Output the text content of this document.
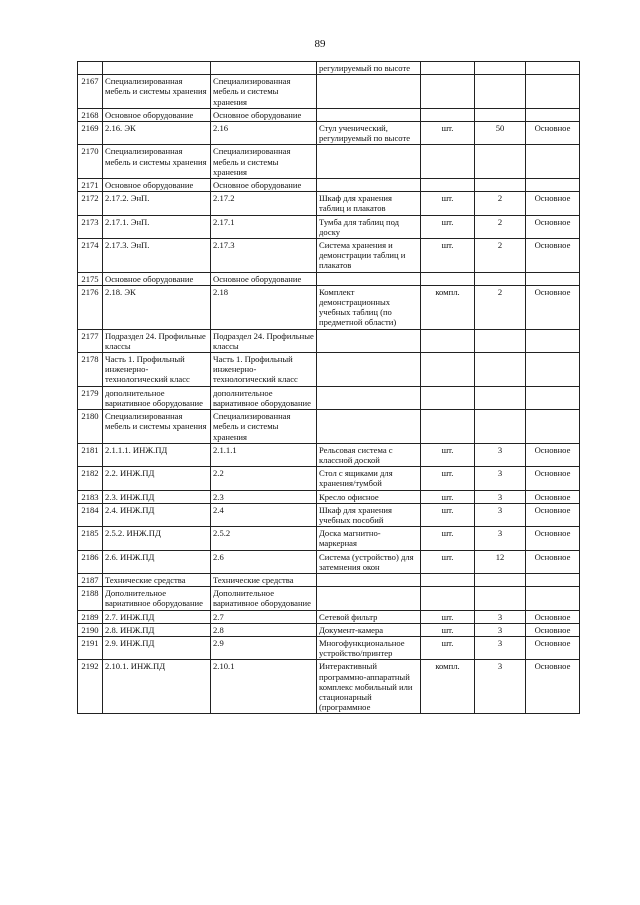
89
			регулируемый по высоте			
2167	Специализированная мебель и системы хранения	Специализированная мебель и системы хранения				
2168	Основное оборудование	Основное оборудование				
2169	2.16. ЭК	2.16	Стул ученический, регулируемый по высоте	шт.	50	Основное
2170	Специализированная мебель и системы хранения	Специализированная мебель и системы хранения				
2171	Основное оборудование	Основное оборудование				
2172	2.17.2. ЭнП.	2.17.2	Шкаф для хранения таблиц и плакатов	шт.	2	Основное
2173	2.17.1. ЭнП.	2.17.1	Тумба для таблиц под доску	шт.	2	Основное
2174	2.17.3. ЭнП.	2.17.3	Система хранения и демонстрации таблиц и плакатов	шт.	2	Основное
2175	Основное оборудование	Основное оборудование				
2176	2.18. ЭК	2.18	Комплект демонстрационных учебных таблиц (по предметной области)	компл.	2	Основное
2177	Подраздел 24. Профильные классы	Подраздел 24. Профильные классы				
2178	Часть 1. Профильный инженерно-технологический класс	Часть 1. Профильный инженерно-технологический класс				
2179	дополнительное вариативное оборудование	дополнительное вариативное оборудование				
2180	Специализированная мебель и системы хранения	Специализированная мебель и системы хранения				
2181	2.1.1.1. ИНЖ.ПД	2.1.1.1	Рельсовая система с классной доской	шт.	3	Основное
2182	2.2. ИНЖ.ПД	2.2	Стол с ящиками для хранения/тумбой	шт.	3	Основное
2183	2.3. ИНЖ.ПД	2.3	Кресло офисное	шт.	3	Основное
2184	2.4. ИНЖ.ПД	2.4	Шкаф для хранения учебных пособий	шт.	3	Основное
2185	2.5.2. ИНЖ.ПД	2.5.2	Доска магнитно-маркерная	шт.	3	Основное
2186	2.6. ИНЖ.ПД	2.6	Система (устройство) для затемнения окон	шт.	12	Основное
2187	Технические средства	Технические средства				
2188	Дополнительное вариативное оборудование	Дополнительное вариативное оборудование				
2189	2.7. ИНЖ.ПД	2.7	Сетевой фильтр	шт.	3	Основное
2190	2.8. ИНЖ.ПД	2.8	Документ-камера	шт.	3	Основное
2191	2.9. ИНЖ.ПД	2.9	Многофункциональное устройство/принтер	шт.	3	Основное
2192	2.10.1. ИНЖ.ПД	2.10.1	Интерактивный программно-аппаратный комплекс мобильный или стационарный (программное	компл.	3	Основное
